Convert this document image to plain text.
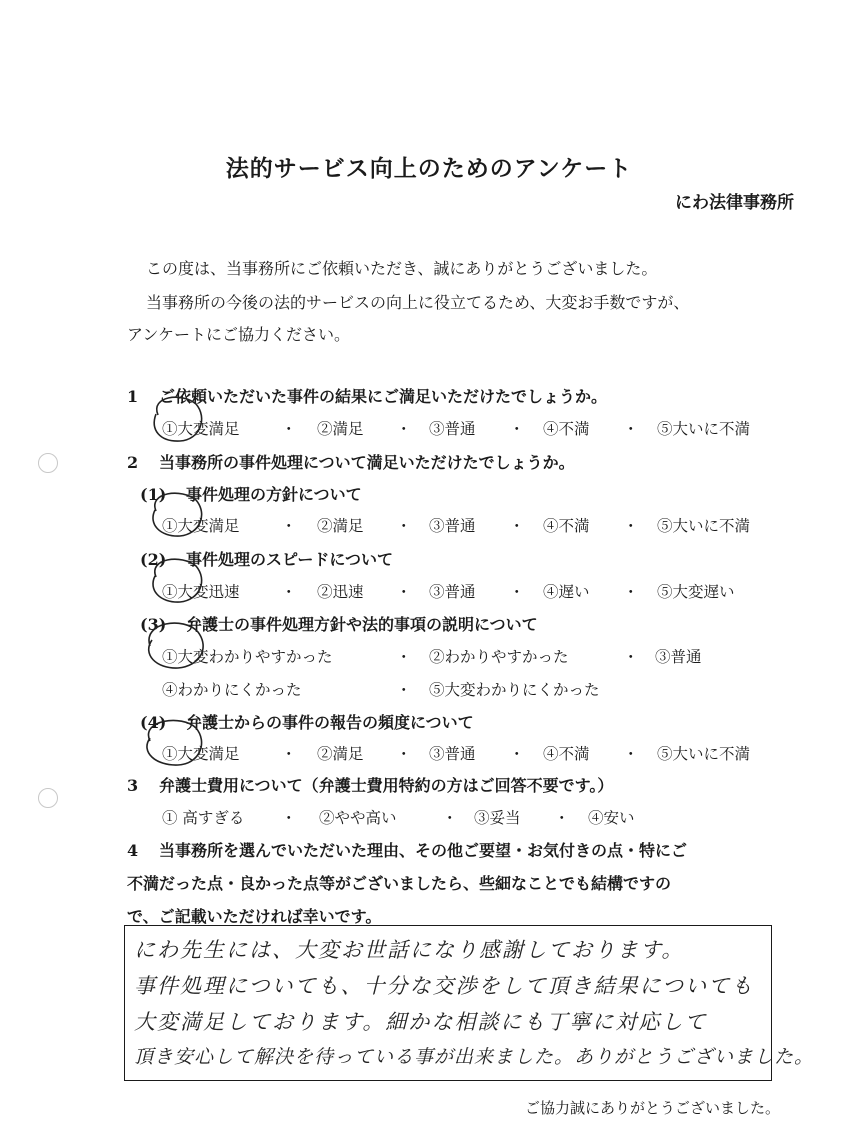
法的サービス向上のためのアンケート
にわ法律事務所
この度は、当事務所にご依頼いただき、誠にありがとうございました。
当事務所の今後の法的サービスの向上に役立てるため、大変お手数ですが、
アンケートにご協力ください。
1 ご依頼いただいた事件の結果にご満足いただけたでしょうか。
①大変満足	・ ②満足 ・ ③普通 ・ ④不満 ・ ⑤大いに不満
2 当事務所の事件処理について満足いただけたでしょうか。
(1) 事件処理の方針について
①大変満足	・ ②満足 ・ ③普通 ・ ④不満 ・ ⑤大いに不満
(2) 事件処理のスピードについて
①大変迅速	・ ②迅速 ・ ③普通 ・ ④遅い ・ ⑤大変遅い
(3) 弁護士の事件処理方針や法的事項の説明について
①大変わかりやすかった	・ ②わかりやすかった	・ ③普通
④わかりにくかった	・ ⑤大変わかりにくかった
(4) 弁護士からの事件の報告の頻度について
①大変満足	・ ②満足 ・ ③普通 ・ ④不満 ・ ⑤大いに不満
3 弁護士費用について（弁護士費用特約の方はご回答不要です。）
① 高すぎる ・ ②やや高い	・ ③妥当 ・ ④安い
4 当事務所を選んでいただいた理由、その他ご要望・お気付きの点・特にご
不満だった点・良かった点等がございましたら、些細なことでも結構ですの
で、ご記載いただければ幸いです。
にわ先生には、大変お世話になり感謝しております。
事件処理についても、十分な交渉をして頂き結果についても
大変満足しております。細かな相談にも丁寧に対応して
頂き安心して解決を待っている事が出来ました。ありがとうございました。
ご協力誠にありがとうございました。
